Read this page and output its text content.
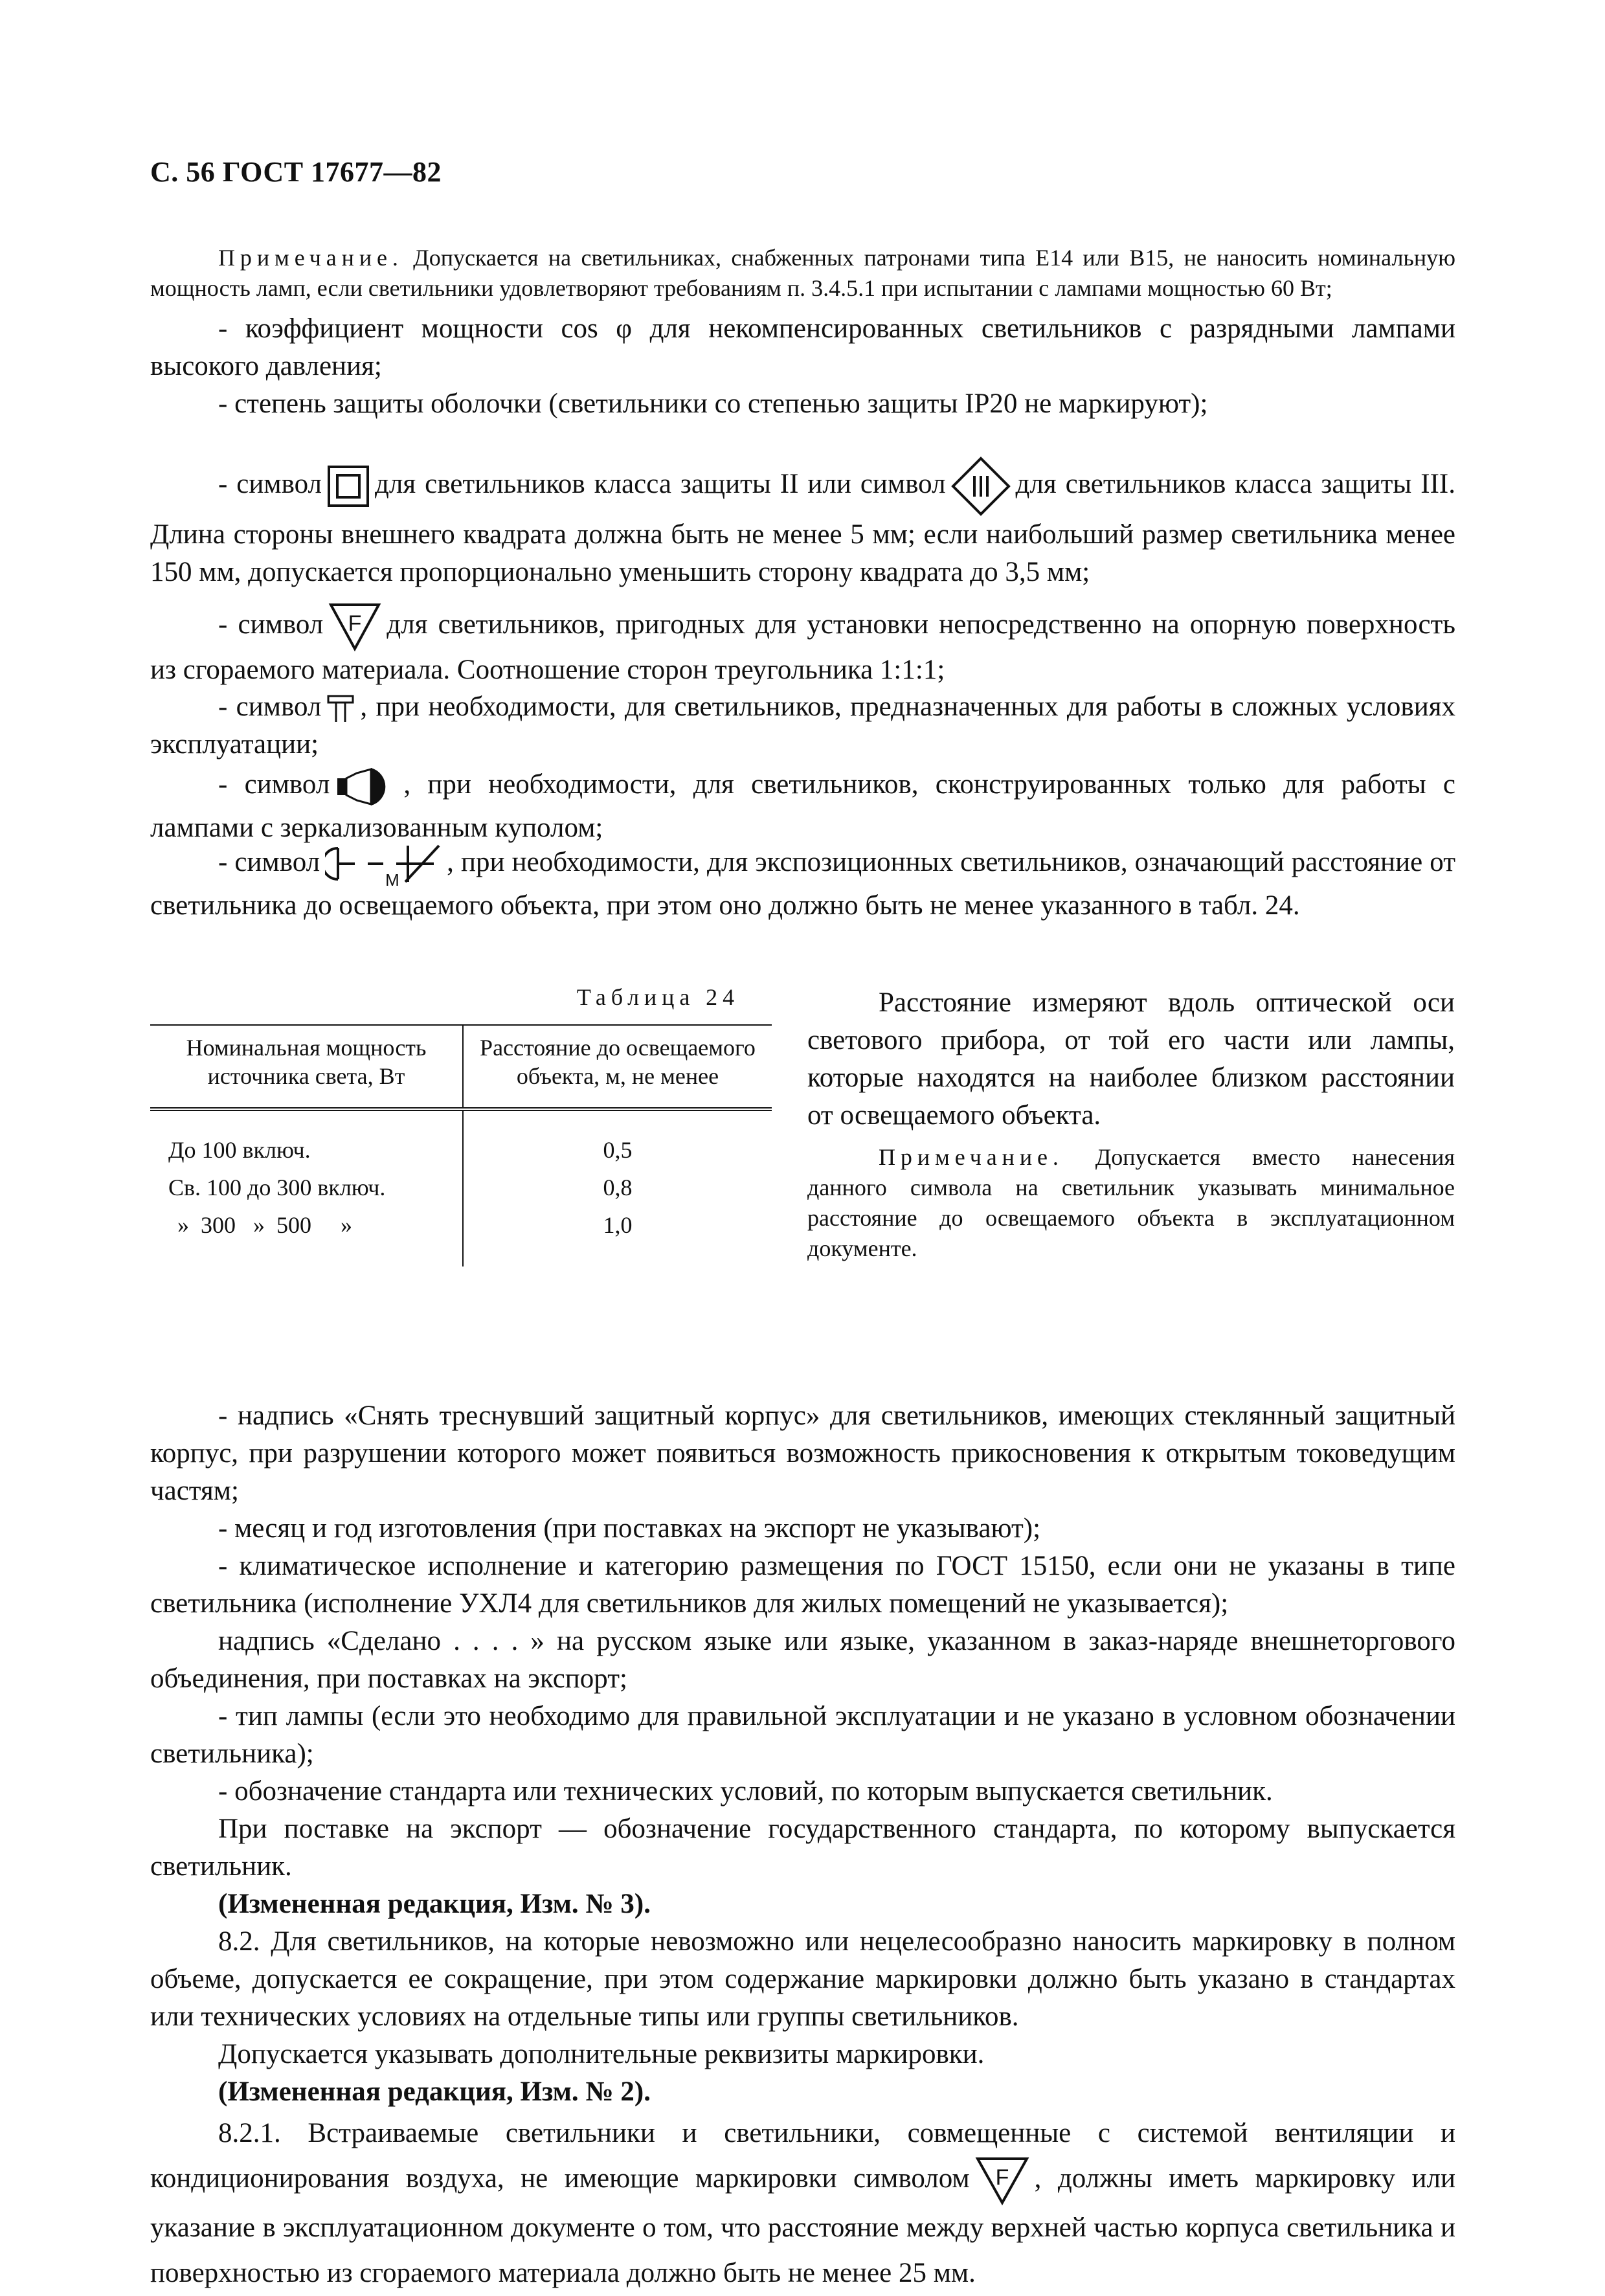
С. 56 ГОСТ 17677—82

Примечание. Допускается на светильниках, снабженных патронами типа Е14 или В15, не наносить номинальную мощность ламп, если светильники удовлетворяют требованиям п. 3.4.5.1 при испытании с лампами мощностью 60 Вт;

- коэффициент мощности cos φ для некомпенсированных светильников с разрядными лампами высокого давления;

- степень защиты оболочки (светильники со степенью защиты IP20 не маркируют);

- символ для светильников класса защиты II или символ	для светильников класса защиты III. Длина стороны внешнего квадрата должна быть не менее 5 мм; если наибольший размер светильника менее 150 мм, допускается пропорционально уменьшить сторону квадрата до 3,5 мм;

- символ F для светильников, пригодных для установки непосредственно на опорную поверхность из сгораемого материала. Соотношение сторон треугольника 1:1:1;

- символ , при необходимости, для светильников, предназначенных для работы в сложных условиях эксплуатации;

- символ	, при необходимости, для светильников, сконструированных только для работы с лампами с зеркализованным куполом;

- символ
M
, при необходимости, для экспозиционных светильников, означающий расстояние от светильника до освещаемого объекта, при этом оно должно быть не менее указанного в табл. 24.

Таблица 24
Номинальная мощность источника света, Вт	Расстояние до освещаемого объекта, м, не менее
До 100 включ.	0,5
Св. 100 до 300 включ.	0,8
»  300   »  500     »	1,0

Расстояние измеряют вдоль оптической оси светового прибора, от той его части или лампы, которые находятся на наиболее близком расстоянии от освещаемого объекта.

Примечание. Допускается вместо нанесения данного символа на светильник указывать минимальное расстояние до освещаемого объекта в эксплуатационном документе.

- надпись «Снять треснувший защитный корпус» для светильников, имеющих стеклянный защитный корпус, при разрушении которого может появиться возможность прикосновения к открытым токоведущим частям;

- месяц и год изготовления (при поставках на экспорт не указывают);

- климатическое исполнение и категорию размещения по ГОСТ 15150, если они не указаны в типе светильника (исполнение УХЛ4 для светильников для жилых помещений не указывается);

надпись «Сделано . . . . » на русском языке или языке, указанном в заказ-наряде внешнеторгового объединения, при поставках на экспорт;

- тип лампы (если это необходимо для правильной эксплуатации и не указано в условном обозначении светильника);

- обозначение стандарта или технических условий, по которым выпускается светильник.

При поставке на экспорт — обозначение государственного стандарта, по которому выпускается светильник.

(Измененная редакция, Изм. № 3).

8.2. Для светильников, на которые невозможно или нецелесообразно наносить маркировку в полном объеме, допускается ее сокращение, при этом содержание маркировки должно быть указано в стандартах или технических условиях на отдельные типы или группы светильников.

Допускается указывать дополнительные реквизиты маркировки.

(Измененная редакция, Изм. № 2).

8.2.1. Встраиваемые светильники и светильники, совмещенные с системой вентиляции и кондиционирования воздуха, не имеющие маркировки символом F , должны иметь маркировку или указание в эксплуатационном документе о том, что расстояние между верхней частью корпуса светильника и поверхностью из сгораемого материала должно быть не менее 25 мм.
